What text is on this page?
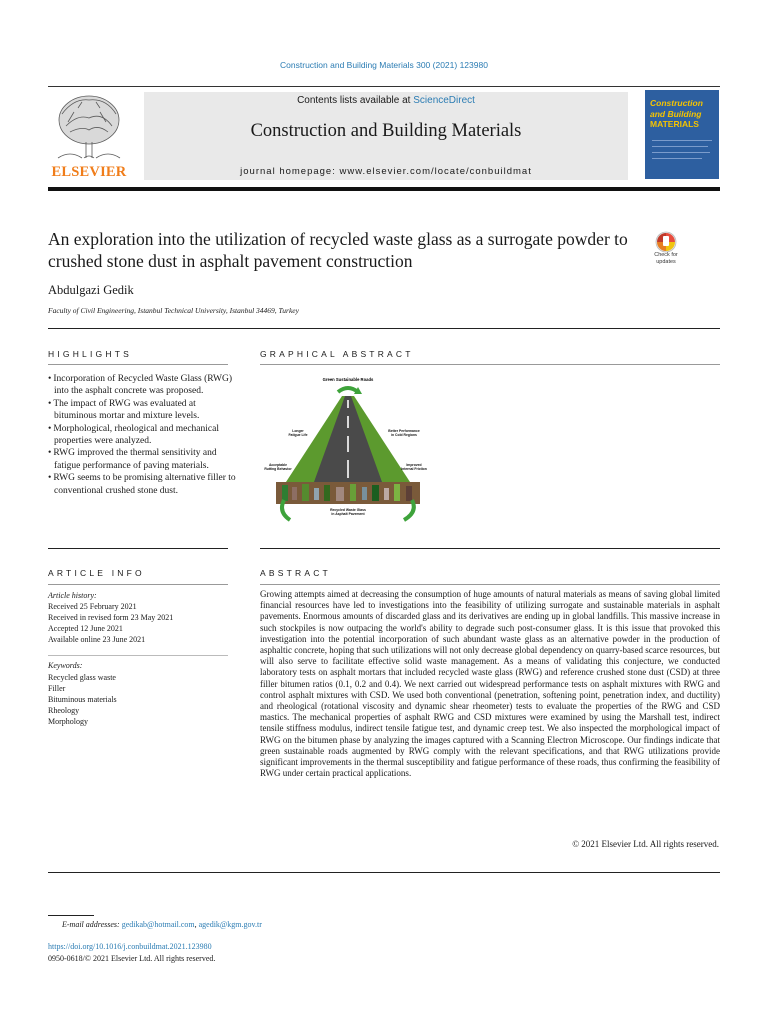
Construction and Building Materials 300 (2021) 123980
ELSEVIER
Contents lists available at ScienceDirect
Construction and Building Materials
journal homepage: www.elsevier.com/locate/conbuildmat
Construction
and Building
MATERIALS
An exploration into the utilization of recycled waste glass as a surrogate powder to crushed stone dust in asphalt pavement construction	Check for
updates
Abdulgazi Gedik
Faculty of Civil Engineering, Istanbul Technical University, Istanbul 34469, Turkey
HIGHLIGHTS
• Incorporation of Recycled Waste Glass (RWG) into the asphalt concrete was proposed.
• The impact of RWG was evaluated at bituminous mortar and mixture levels.
• Morphological, rheological and mechanical properties were analyzed.
• RWG improved the thermal sensitivity and fatigue performance of paving materials.
• RWG seems to be promising alternative filler to conventional crushed stone dust.
GRAPHICAL ABSTRACT
Green Sustainable Roads
Longer
Fatigue Life
Better Performance
in Cold Regions
Acceptable
Rutting Behavior
Improved
Internal Friction
Recycled Waste Glass
in Asphalt Pavement
ARTICLE INFO
Article history:
Received 25 February 2021
Received in revised form 23 May 2021
Accepted 12 June 2021
Available online 23 June 2021
Keywords:
Recycled glass waste
Filler
Bituminous materials
Rheology
Morphology
ABSTRACT
Growing attempts aimed at decreasing the consumption of huge amounts of natural materials as means of saving global limited financial resources have led to investigations into the feasibility of utilizing surrogate and sustainable materials in asphalt pavements. Enormous amounts of discarded glass and its derivatives are ending up in global landfills. This massive increase in such stockpiles is now outpacing the world's ability to degrade such post-consumer glass. It is this issue that provoked this investigation into the potential incorporation of such abundant waste glass as an alternative powder in the production of asphaltic concrete, hoping that such utilizations will not only decrease global dependency on quarry-based scarce resources, but will also serve to facilitate effective solid waste management. As a means of validating this conjecture, we conducted laboratory tests on asphalt mortars that included recycled waste glass (RWG) and reference crushed stone dust (CSD) at three filler bitumen ratios (0.1, 0.2 and 0.4). We next carried out widespread performance tests on asphalt mixtures with RWG and control asphalt mixtures with CSD. We used both conventional (penetration, softening point, penetration index, and ductility) and rheological (rotational viscosity and dynamic shear rheometer) tests to evaluate the properties of the RWG and CSD mastics. The mechanical properties of asphalt RWG and CSD mixtures were examined by using the Marshall test, indirect tensile stiffness modulus, indirect tensile fatigue test, and dynamic creep test. We also inspected the morphological impact of RWG on the bitumen phase by analyzing the images captured with a Scanning Electron Microscope. Our findings indicate that green sustainable roads augmented by RWG comply with the relevant specifications, and that RWG utilizations provide significant improvements in the thermal susceptibility and fatigue performance of these roads, thus confirming the feasibility of RWG under certain practical applications.
© 2021 Elsevier Ltd. All rights reserved.
E-mail addresses: gedikab@hotmail.com, agedik@kgm.gov.tr
https://doi.org/10.1016/j.conbuildmat.2021.123980
0950-0618/© 2021 Elsevier Ltd. All rights reserved.
